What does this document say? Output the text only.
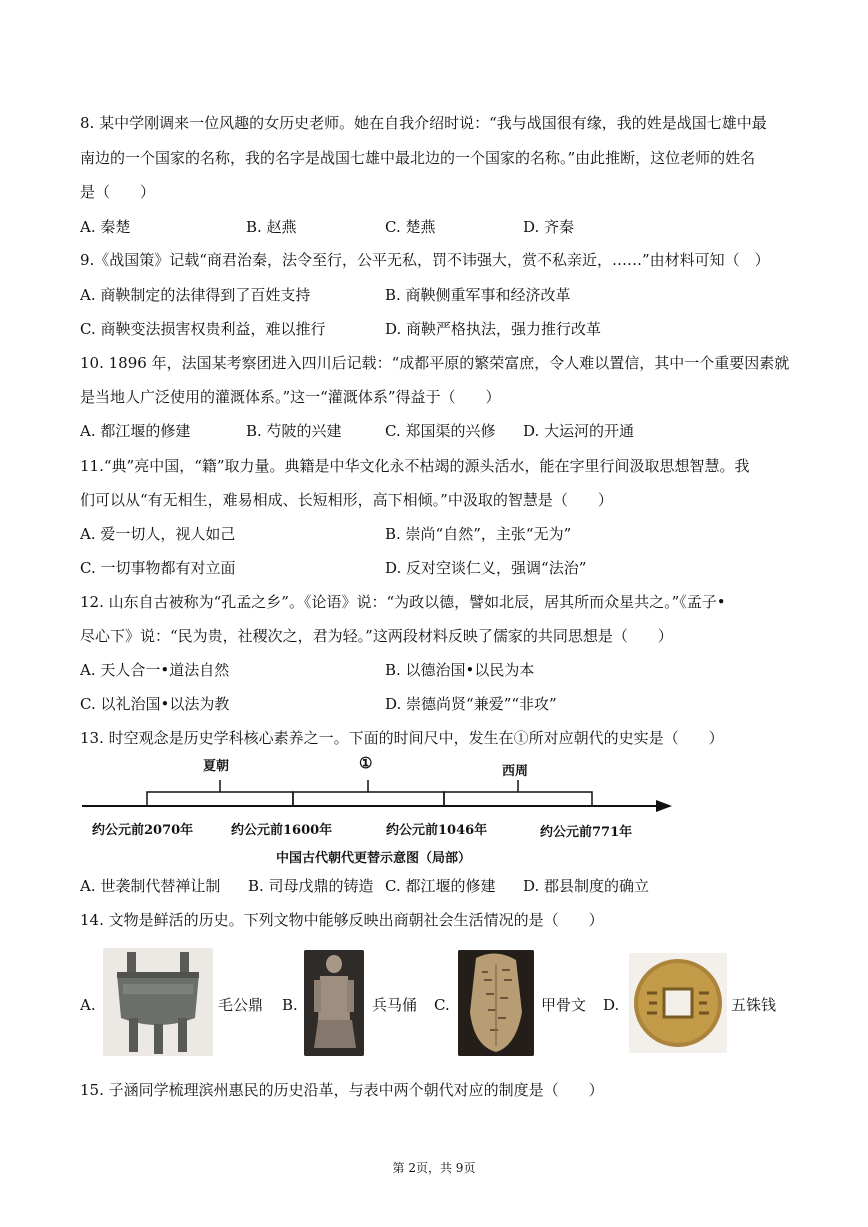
8. 某中学刚调来一位风趣的女历史老师。她在自我介绍时说：“我与战国很有缘，我的姓是战国七雄中最
南边的一个国家的名称，我的名字是战国七雄中最北边的一个国家的名称。”由此推断，这位老师的姓名
是（　　）
A. 秦楚	B. 赵燕	C. 楚燕	D. 齐秦
9.《战国策》记载“商君治秦，法令至行，公平无私，罚不讳强大，赏不私亲近，……”由材料可知（　）
A. 商鞅制定的法律得到了百姓支持	B. 商鞅侧重军事和经济改革
C. 商鞅变法损害权贵利益，难以推行	D. 商鞅严格执法，强力推行改革
10. 1896 年，法国某考察团进入四川后记载：“成都平原的繁荣富庶，令人难以置信，其中一个重要因素就
是当地人广泛使用的灌溉体系。”这一“灌溉体系”得益于（　　）
A. 都江堰的修建	B. 芍陂的兴建	C. 郑国渠的兴修 D. 大运河的开通
11.“典”亮中国，“籍”取力量。典籍是中华文化永不枯竭的源头活水，能在字里行间汲取思想智慧。我
们可以从“有无相生，难易相成、长短相形，高下相倾。”中汲取的智慧是（　　）
A. 爱一切人，视人如己	B. 崇尚“自然”，主张“无为”
C. 一切事物都有对立面	D. 反对空谈仁义，强调“法治”
12. 山东自古被称为“孔孟之乡”。《论语》说：“为政以德，譬如北辰，居其所而众星共之。”《孟子•
尽心下》说：“民为贵，社稷次之，君为轻。”这两段材料反映了儒家的共同思想是（　　）
A. 天人合一•道法自然	B. 以德治国•以民为本
C. 以礼治国•以法为教	D. 崇德尚贤“兼爱”“非攻”
13. 时空观念是历史学科核心素养之一。下面的时间尺中，发生在①所对应朝代的史实是（　　）
夏朝	①	西周
约公元前2070年	约公元前1600年	约公元前1046年	约公元前771年
中国古代朝代更替示意图（局部）
A. 世袭制代替禅让制 B. 司母戊鼎的铸造 C. 都江堰的修建 D. 郡县制度的确立
14. 文物是鲜活的历史。下列文物中能够反映出商朝社会生活情况的是（　　）
A.	毛公鼎 B.	兵马俑 C.	甲骨文 D.	五铢钱
15. 子涵同学梳理滨州惠民的历史沿革，与表中两个朝代对应的制度是（　　）
第 2页，共 9页
